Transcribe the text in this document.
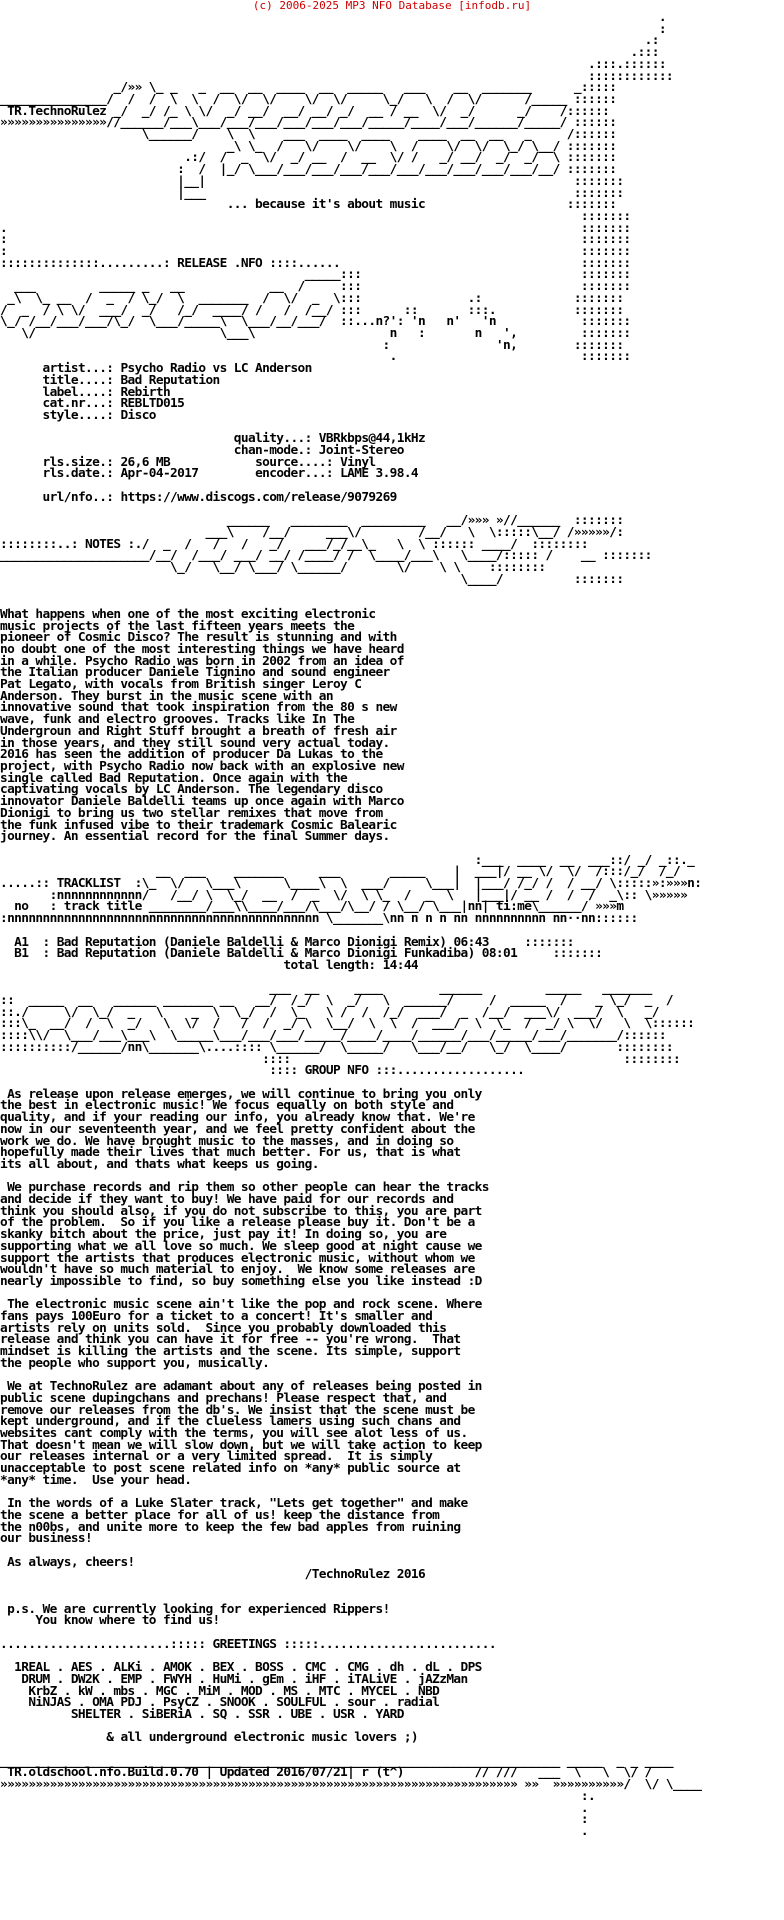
(c) 2006-2025 MP3 NFO Database [infodb.ru]
.
:
.:
.:::
.:::.::::::
::::::::::::
_/»» \_ _   _  __  __  ____  __  _____   ___    __  _______      _:::::
_______________/  /  /  \  \  /  \/  \/    \/  \/     \_/   \  /  \/      /_____ ::::::
TR.TechnoRulez _/  _/ /_ \ \/  _/ __/  __/ __/ _/  __ / __  \/  _/      _/    /::::::
»»»»»»»»»»»»»»»//______/___\___/___/___/___/___/___/_____/____/___/______/_____/ ::::::
\______/    \  \    ___  ____  ____    ____  __  __   _     /::::::
_\ \_  /   \/    \/    \  /    \/  \/  \_/ \__/ :::::::
.:/  /  _  \/  _/ __  /  __  \/ /   _/ __/  _/  _/  \ :::::::
:  /  |_/ \___/___/___/___/___/___/___/___/___/___/__/ :::::::
|__|                                                    :::::::
|___                                                    :::::::
... because it's about music                    :::::::
:::::::
.                                                                                 :::::::
:                                                                                 :::::::
:                                                                                 :::::::
::::::::::::::.........: RELEASE .NFO ::::......                                  :::::::
_____:::                               :::::::
___         _____ _   __            __  /     :::                               :::::::
_\  \_ __  /  _  / \_/  \  _______  /  \/  _  \:::               .:             :::::::
/  _  / \ \/  ___/  _/   /_/  ____/ /   /  /__/ :::      ::       :::.           :::::::
\_/ /__/___/___/\_/  \___/_____\  \___/__/___/  ::...n?': 'n   n'   'n            :::::::
\/                          \___\                   n   :       n   ',         :::::::
:               'n,        :::::::
.                          :::::::
artist...: Psycho Radio vs LC Anderson
title....: Bad Reputation
label....: Rebirth
cat.nr...: REBLTD015
style....: Disco

quality...: VBRkbps@44,1kHz
chan-mode.: Joint-Stereo
rls.size.: 26,6 MB	source....: Vinyl
rls.date.: Apr-04-2017	encoder...: LAME 3.98.4

url/nfo..: https://www.discogs.com/release/9079269

______   ________  _________   __/»»» »//______  :::::::
___\    /__/     ___\/        /__/   \  \:::::\__/ /»»»»»/:
::::::::..: NOTES :./  _  /   /   /   _/   ___/_/__\_   \  \ :::::: ____/  ::::::::
_____________________/__/  /___/ ___/ __/ /____/ /  \____/___\   \____/::::: /    __ :::::::
\_/   \__/ \___/ \______/       \/    \ \    ::::::::
\____/          :::::::

What happens when one of the most exciting electronic
music projects of the last fifteen years meets the
pioneer of Cosmic Disco? The result is stunning and with
no doubt one of the most interesting things we have heard
in a while. Psycho Radio was born in 2002 from an idea of
the Italian producer Daniele Tignino and sound engineer
Pat Legato, with vocals from British singer Leroy C
Anderson. They burst in the music scene with an
innovative sound that took inspiration from the 80 s new
wave, funk and electro grooves. Tracks like In The
Undergroun and Right Stuff brought a breath of fresh air
in those years, and they still sound very actual today.
2016 has seen the addition of producer Da Lukas to the
project, with Psycho Radio now back with an explosive new
single called Bad Reputation. Once again with the
captivating vocals by LC Anderson. The legendary disco
innovator Daniele Baldelli teams up once again with Marco
Dionigi to bring us two stellar remixes that move from
the funk infused vibe to their trademark Cosmic Balearic
journey. An essential record for the final Summer days.

:___  ____  __  ___::/ _/ _::._
__  ___    _______     ___       _____    |  ___|/ __ \/  \/  /:::/_/  /_/
.....:: TRACKLIST  :\_  \/   \___\      \____\  \  ___/     \___|  |___/ /_/ /  / __/ \:::::»:»»»n:
:nnnnnnnnnnnn/   /__/ \  \_/  __  /  _  \/  \ \_  /  _  \   |___|/ __ /  /  /  _\:: \»»»»»
no   : track title ________/___\\____/___/\___/\__/ / \__/ \___|nn| ti:me\______/ »»»m
:nnnnnnnnnnnnnnnnnnnnnnnnnnnnnnnnnnnnnnnnnnnn \_______\nn n n n nn nnnnnnnnnn nn··nn::::::

A1  : Bad Reputation (Daniele Baldelli & Marco Dionigi Remix) 06:43	:::::::
B1  : Bad Reputation (Daniele Baldelli & Marco Dionigi Funkadiba) 08:01	:::::::
total length: 14:44

___  __     ____        ______         _____   _______
::  _____  __   ______ _______ __   __/  /_/  \  _/   \  ______/     /  _____  /    _ \_/  _  /
::./     \/  \_/  _   \    _  \  \_/  /  \_   \ /  /  /_/  ___/  _  /__/  ___\/  ___/  \   _/
:::\_  __/  /  \  _/   \  \/  /   /  /  _/ \  \__/  \  \  /  ___/  \  \_  /  _/ \  \/   \  \::::::
::::\\/  \___/___\___\  \_____\___/___/___/_____/____/____/______/___/_____/___/_______/::::::
::::::::::/______/nn\_______\....:::: \______/  \_____/   \___/__/   \_/  \____/       ::::::::
::::                                               ::::::::
:::: GROUP NFO :::..................

As release upon release emerges, we will continue to bring you only
the best in electronic music! We focus equally on both style and
quality, and if your reading our info, you already know that. We're
now in our seventeenth year, and we feel pretty confident about the
work we do. We have brought music to the masses, and in doing so
hopefully made their lives that much better. For us, that is what
its all about, and thats what keeps us going.

We purchase records and rip them so other people can hear the tracks
and decide if they want to buy! We have paid for our records and
think you should also, if you do not subscribe to this, you are part
of the problem.  So if you like a release please buy it. Don't be a
skanky bitch about the price, just pay it! In doing so, you are
supporting what we all love so much. We sleep good at night cause we
support the artists that produces electronic music, without whom we
wouldn't have so much material to enjoy.  We know some releases are
nearly impossible to find, so buy something else you like instead :D

The electronic music scene ain't like the pop and rock scene. Where
fans pays 100Euro for a ticket to a concert! It's smaller and
artists rely on units sold.  Since you probably downloaded this
release and think you can have it for free -- you're wrong.  That
mindset is killing the artists and the scene. Its simple, support
the people who support you, musically.

We at TechnoRulez are adamant about any of releases being posted in
public scene dupingchans and prechans! Please respect that, and
remove our releases from the db's. We insist that the scene must be
kept underground, and if the clueless lamers using such chans and
websites cant comply with the terms, you will see alot less of us.
That doesn't mean we will slow down, but we will take action to keep
our releases internal or a very limited spread.  It is simply
unacceptable to post scene related info on *any* public source at
*any* time.  Use your head.

In the words of a Luke Slater track, "Lets get together" and make
the scene a better place for all of us! keep the distance from
the n00bs, and unite more to keep the few bad apples from ruining
our business!

As always, cheers!
/TechnoRulez 2016

p.s. We are currently looking for experienced Rippers!
You know where to find us!

........................::::: GREETINGS :::::.........................

1REAL . AES . ALKi . AMOK . BEX . BOSS . CMC . CMG . dh . dL . DPS
DRUM . DW2K . EMP . FWYH . HuMi . gEm . iHF . iTALiVE . jAZzMan
KrbZ . kW . mbs . MGC . MiM . MOD . MS . MTC . MYCEL . NBD
NiNJAS . OMA PDJ . PsyCZ . SNOOK . SOULFUL . sour . radial
SHELTER . SiBERiA . SQ . SSR . UBE . USR . YARD

& all underground electronic music lovers ;)

_______________________________________________________________________________ _____  _ _ ____
TR.oldschool.nfo.Build.0.70 | Updated 2016/07/21| r (t^)          // ///   ___  \   \  \/ /
»»»»»»»»»»»»»»»»»»»»»»»»»»»»»»»»»»»»»»»»»»»»»»»»»»»»»»»»»»»»»»»»»»»»»»»»» »»  »»»»»»»»»»/  \/ \____
:.
.
:
.
